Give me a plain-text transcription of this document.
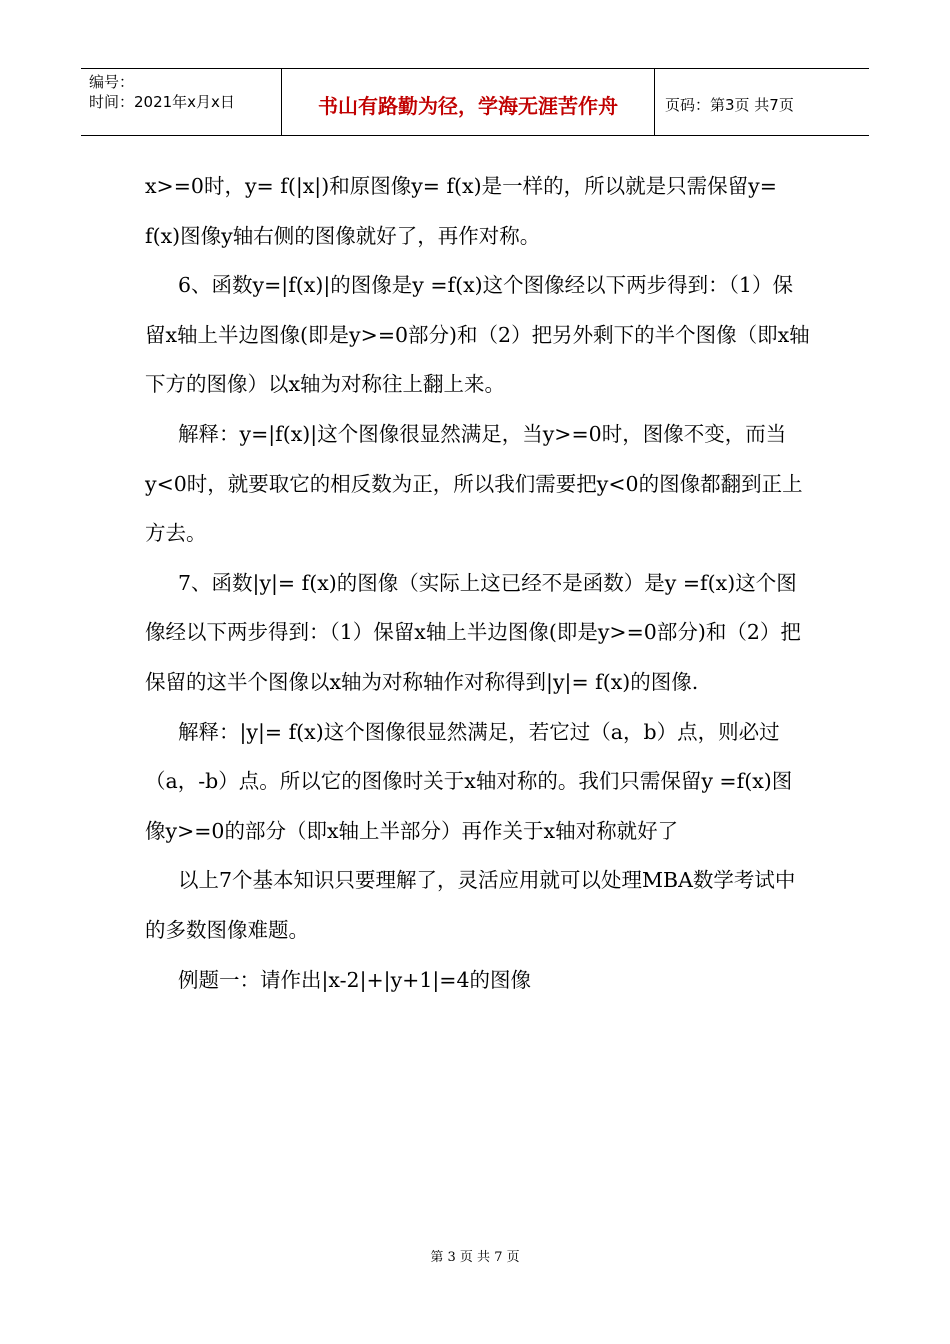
编号：
时间：2021年x月x日	书山有路勤为径，学海无涯苦作舟	页码：第3页 共7页

x>=0时，y= f(|x|)和原图像y= f(x)是一样的，所以就是只需保留y= f(x)图像y轴右侧的图像就好了，再作对称。

6、函数y=|f(x)|的图像是y =f(x)这个图像经以下两步得到：（1）保留x轴上半边图像(即是y>=0部分)和（2）把另外剩下的半个图像（即x轴下方的图像）以x轴为对称往上翻上来。

解释：y=|f(x)|这个图像很显然满足，当y>=0时，图像不变，而当y<0时，就要取它的相反数为正，所以我们需要把y<0的图像都翻到正上方去。

7、函数|y|= f(x)的图像（实际上这已经不是函数）是y =f(x)这个图像经以下两步得到：（1）保留x轴上半边图像(即是y>=0部分)和（2）把保留的这半个图像以x轴为对称轴作对称得到|y|= f(x)的图像.

解释：|y|= f(x)这个图像很显然满足，若它过（a，b）点，则必过（a，-b）点。所以它的图像时关于x轴对称的。我们只需保留y =f(x)图像y>=0的部分（即x轴上半部分）再作关于x轴对称就好了

以上7个基本知识只要理解了，灵活应用就可以处理MBA数学考试中的多数图像难题。

例题一：请作出|x-2|+|y+1|=4的图像

第 3 页 共 7 页
